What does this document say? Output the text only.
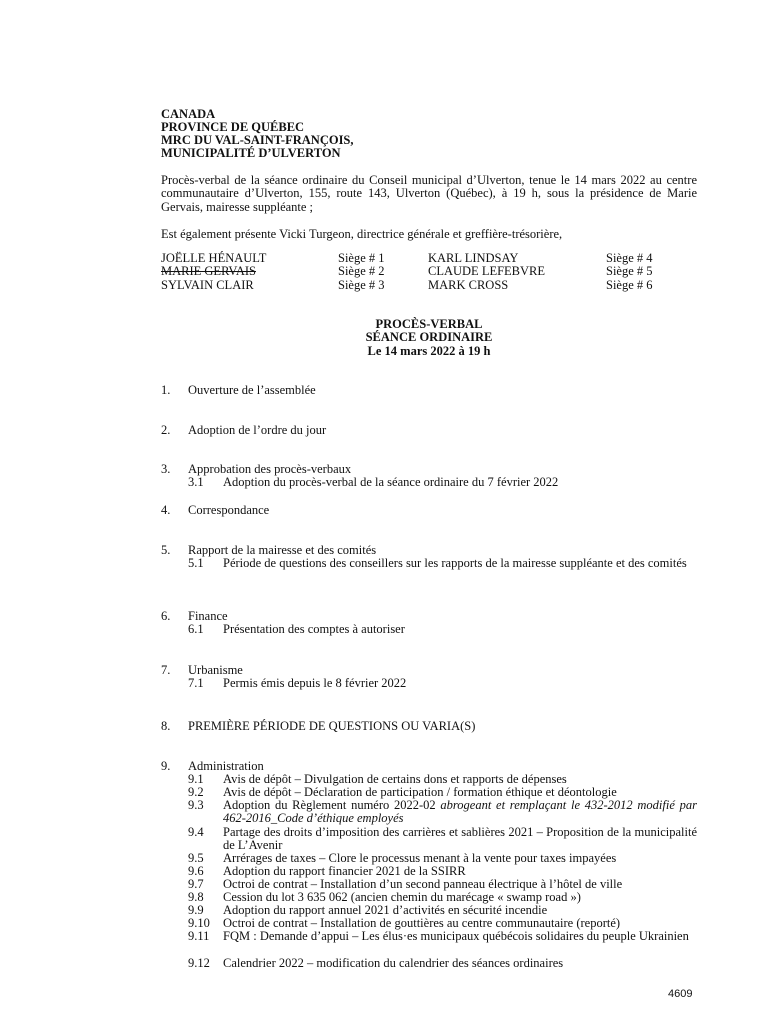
CANADA
PROVINCE DE QUÉBEC
MRC DU VAL-SAINT-FRANÇOIS,
MUNICIPALITÉ D’ULVERTON
Procès-verbal de la séance ordinaire du Conseil municipal d’Ulverton, tenue le 14 mars 2022 au centre communautaire d’Ulverton, 155, route 143, Ulverton (Québec), à 19 h, sous la présidence de Marie Gervais, mairesse suppléante ;
Est également présente Vicki Turgeon, directrice générale et greffière-trésorière,
JOËLLE HÉNAULT	Siège # 1	KARL LINDSAY	Siège # 4
MARIE GERVAIS	Siège # 2	CLAUDE LEFEBVRE	Siège # 5
SYLVAIN CLAIR	Siège # 3	MARK CROSS	Siège # 6
PROCÈS-VERBAL
SÉANCE ORDINAIRE
Le 14 mars 2022 à 19 h
1. Ouverture de l’assemblée
2. Adoption de l’ordre du jour
3. Approbation des procès-verbaux
3.1 Adoption du procès-verbal de la séance ordinaire du 7 février 2022
4. Correspondance
5. Rapport de la mairesse et des comités
5.1 Période de questions des conseillers sur les rapports de la mairesse suppléante et des comités
6. Finance
6.1 Présentation des comptes à autoriser
7. Urbanisme
7.1 Permis émis depuis le 8 février 2022
8. PREMIÈRE PÉRIODE DE QUESTIONS OU VARIA(S)
9. Administration
9.1 Avis de dépôt – Divulgation de certains dons et rapports de dépenses
9.2 Avis de dépôt – Déclaration de participation / formation éthique et déontologie
9.3 Adoption du Règlement numéro 2022-02 abrogeant et remplaçant le 432-2012 modifié par 462-2016_Code d’éthique employés
9.4 Partage des droits d’imposition des carrières et sablières 2021 – Proposition de la municipalité de L’Avenir
9.5 Arrérages de taxes – Clore le processus menant à la vente pour taxes impayées
9.6 Adoption du rapport financier 2021 de la SSIRR
9.7 Octroi de contrat – Installation d’un second panneau électrique à l’hôtel de ville
9.8 Cession du lot 3 635 062 (ancien chemin du marécage « swamp road »)
9.9 Adoption du rapport annuel 2021 d’activités en sécurité incendie
9.10 Octroi de contrat – Installation de gouttières au centre communautaire (reporté)
9.11 FQM : Demande d’appui – Les élus·es municipaux québécois solidaires du peuple Ukrainien
9.12 Calendrier 2022 – modification du calendrier des séances ordinaires
4609
